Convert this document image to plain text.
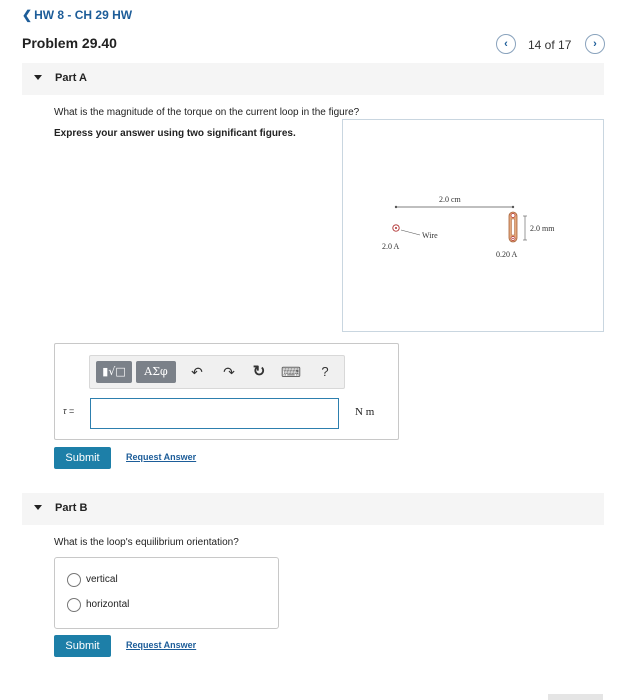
❮ HW 8 - CH 29 HW
Problem 29.40	‹	14 of 17	›
Part A
What is the magnitude of the torque on the current loop in the figure?
Express your answer using two significant figures.
2.0 cm
Wire
2.0 A
2.0 mm
0.20 A
▮√□	ΑΣφ	↶ ↷ ↻ ⌨ ?
τ =	N m
Submit	Request Answer
Part B
What is the loop's equilibrium orientation?
vertical
horizontal
Submit	Request Answer
